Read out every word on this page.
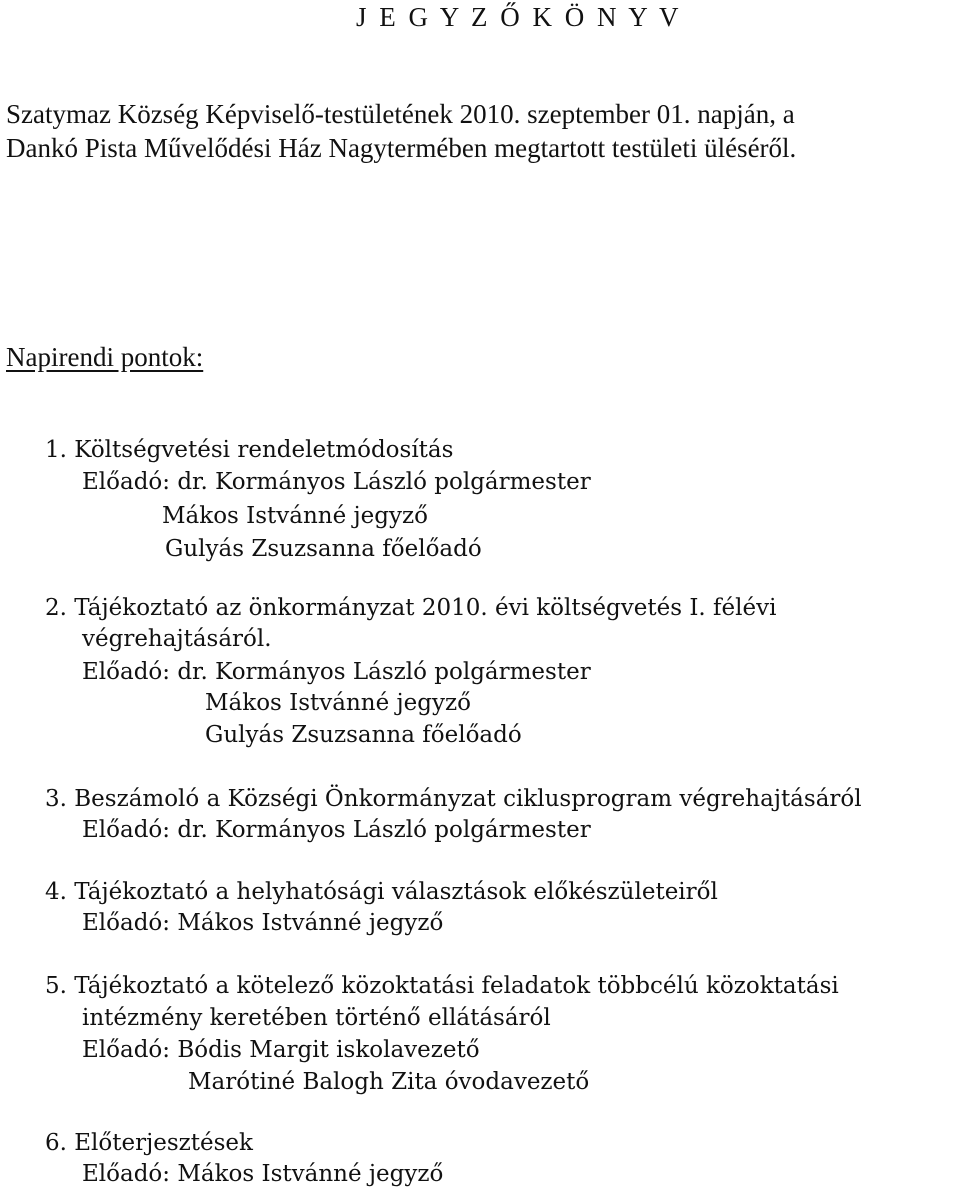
J E G Y Z Ő K Ö N Y V
Szatymaz Község Képviselő-testületének 2010. szeptember 01. napján, a
Dankó Pista Művelődési Ház Nagytermében megtartott testületi üléséről.
Napirendi pontok:
1. Költségvetési rendeletmódosítás
Előadó: dr. Kormányos László polgármester
Mákos Istvánné jegyző
Gulyás Zsuzsanna főelőadó
2. Tájékoztató az önkormányzat 2010. évi költségvetés I. félévi
végrehajtásáról.
Előadó: dr. Kormányos László polgármester
Mákos Istvánné jegyző
Gulyás Zsuzsanna főelőadó
3. Beszámoló a Községi Önkormányzat ciklusprogram végrehajtásáról
Előadó: dr. Kormányos László polgármester
4. Tájékoztató a helyhatósági választások előkészületeiről
Előadó: Mákos Istvánné jegyző
5. Tájékoztató a kötelező közoktatási feladatok többcélú közoktatási
intézmény keretében történő ellátásáról
Előadó: Bódis Margit iskolavezető
Marótiné Balogh Zita óvodavezető
6. Előterjesztések
Előadó: Mákos Istvánné jegyző
